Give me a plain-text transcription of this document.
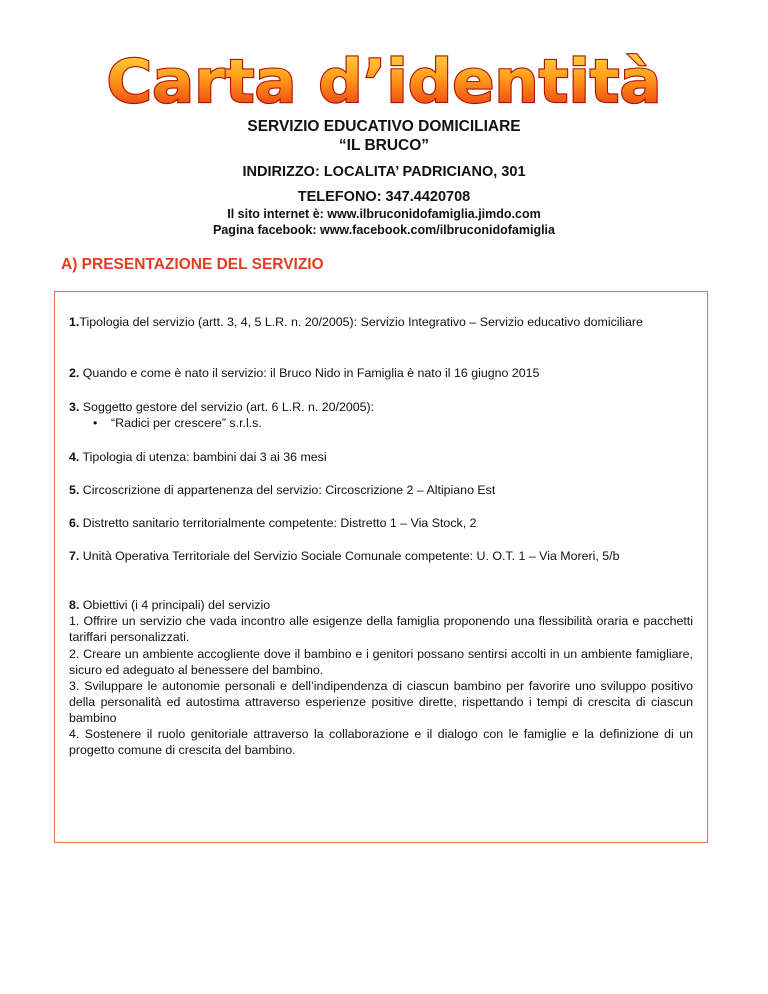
Carta d’identità
SERVIZIO EDUCATIVO DOMICILIARE
“IL BRUCO”
INDIRIZZO: LOCALITA’ PADRICIANO, 301
TELEFONO: 347.4420708
Il sito internet è: www.ilbruconidofamiglia.jimdo.com
Pagina facebook: www.facebook.com/ilbruconidofamiglia
A) PRESENTAZIONE DEL SERVIZIO

1.Tipologia del servizio (artt. 3, 4, 5 L.R. n. 20/2005): Servizio Integrativo – Servizio educativo domiciliare

2. Quando e come è nato il servizio: il Bruco Nido in Famiglia è nato il 16 giugno 2015

3. Soggetto gestore del servizio (art. 6 L.R. n. 20/2005):

• “Radici per crescere” s.r.l.s.

4. Tipologia di utenza: bambini dai 3 ai 36 mesi

5. Circoscrizione di appartenenza del servizio: Circoscrizione 2 – Altipiano Est

6. Distretto sanitario territorialmente competente: Distretto 1 – Via Stock, 2

7. Unità Operativa Territoriale del Servizio Sociale Comunale competente: U. O.T. 1 – Via Moreri, 5/b

8. Obiettivi (i 4 principali) del servizio

1. Offrire un servizio che vada incontro alle esigenze della famiglia proponendo una flessibilità oraria e pacchetti tariffari personalizzati.

2. Creare un ambiente accogliente dove il bambino e i genitori possano sentirsi accolti in un ambiente famigliare, sicuro ed adeguato al benessere del bambino.

3. Sviluppare le autonomie personali e dell’indipendenza di ciascun bambino per favorire uno sviluppo positivo della personalità ed autostima attraverso esperienze positive dirette, rispettando i tempi di crescita di ciascun bambino

4. Sostenere il ruolo genitoriale attraverso la collaborazione e il dialogo con le famiglie e la definizione di un progetto comune di crescita del bambino.
